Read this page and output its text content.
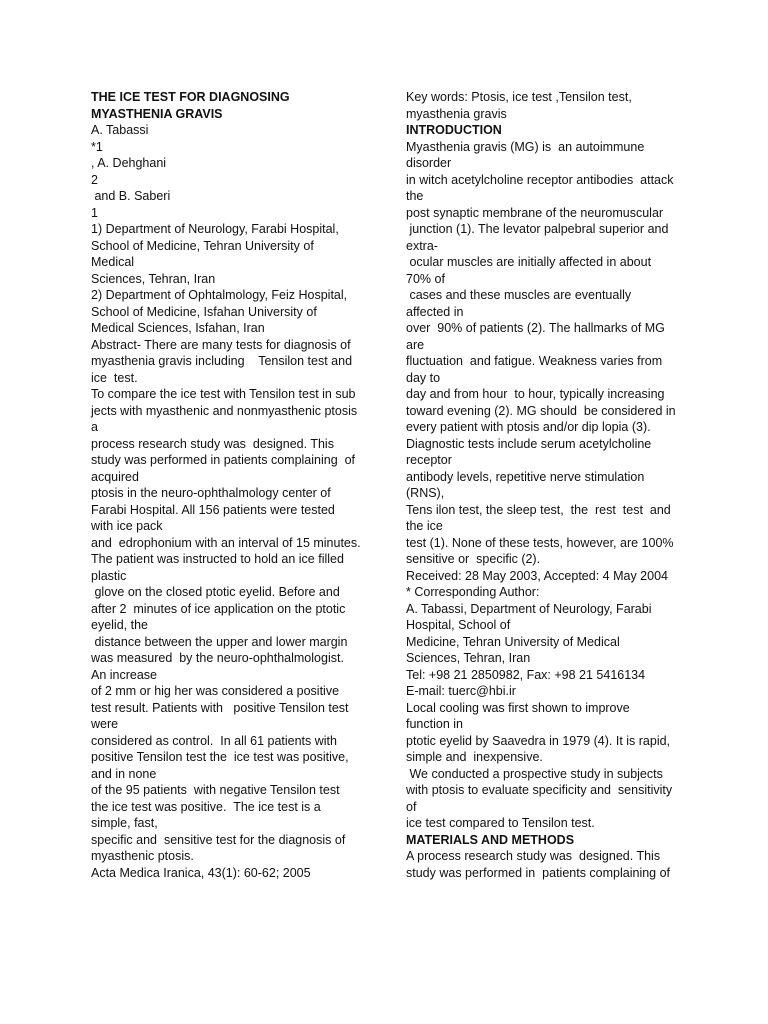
THE ICE TEST FOR DIAGNOSING
MYASTHENIA GRAVIS
A. Tabassi
*1
, A. Dehghani
2
and B. Saberi
1
1) Department of Neurology, Farabi Hospital,
School of Medicine, Tehran University of
Medical
Sciences, Tehran, Iran
2) Department of Ophtalmology, Feiz Hospital,
School of Medicine, Isfahan University of
Medical Sciences, Isfahan, Iran
Abstract- There are many tests for diagnosis of
myasthenia gravis including    Tensilon test and
ice  test.
To compare the ice test with Tensilon test in sub
jects with myasthenic and nonmyasthenic ptosis
a
process research study was  designed. This
study was performed in patients complaining  of
acquired
ptosis in the neuro-ophthalmology center of
Farabi Hospital. All 156 patients were tested
with ice pack
and  edrophonium with an interval of 15 minutes.
The patient was instructed to hold an ice filled
plastic
glove on the closed ptotic eyelid. Before and
after 2  minutes of ice application on the ptotic
eyelid, the
distance between the upper and lower margin
was measured  by the neuro-ophthalmologist.
An increase
of 2 mm or hig her was considered a positive
test result. Patients with   positive Tensilon test
were
considered as control.  In all 61 patients with
positive Tensilon test the  ice test was positive,
and in none
of the 95 patients  with negative Tensilon test
the ice test was positive.  The ice test is a
simple, fast,
specific and  sensitive test for the diagnosis of
myasthenic ptosis.
Acta Medica Iranica, 43(1): 60-62; 2005
Key words: Ptosis, ice test ,Tensilon test,
myasthenia gravis
INTRODUCTION
Myasthenia gravis (MG) is  an autoimmune
disorder
in witch acetylcholine receptor antibodies  attack
the
post synaptic membrane of the neuromuscular
junction (1). The levator palpebral superior and
extra-
ocular muscles are initially affected in about
70% of
cases and these muscles are eventually
affected in
over  90% of patients (2). The hallmarks of MG
are
fluctuation  and fatigue. Weakness varies from
day to
day and from hour  to hour, typically increasing
toward evening (2). MG should  be considered in
every patient with ptosis and/or dip lopia (3).
Diagnostic tests include serum acetylcholine
receptor
antibody levels, repetitive nerve stimulation
(RNS),
Tens ilon test, the sleep test,  the  rest  test  and
the ice
test (1). None of these tests, however, are 100%
sensitive or  specific (2).
Received: 28 May 2003, Accepted: 4 May 2004
* Corresponding Author:
A. Tabassi, Department of Neurology, Farabi
Hospital, School of
Medicine, Tehran University of Medical
Sciences, Tehran, Iran
Tel: +98 21 2850982, Fax: +98 21 5416134
E-mail: tuerc@hbi.ir
Local cooling was first shown to improve
function in
ptotic eyelid by Saavedra in 1979 (4). It is rapid,
simple and  inexpensive.
We conducted a prospective study in subjects
with ptosis to evaluate specificity and  sensitivity
of
ice test compared to Tensilon test.
MATERIALS AND METHODS
A process research study was  designed. This
study was performed in  patients complaining of
